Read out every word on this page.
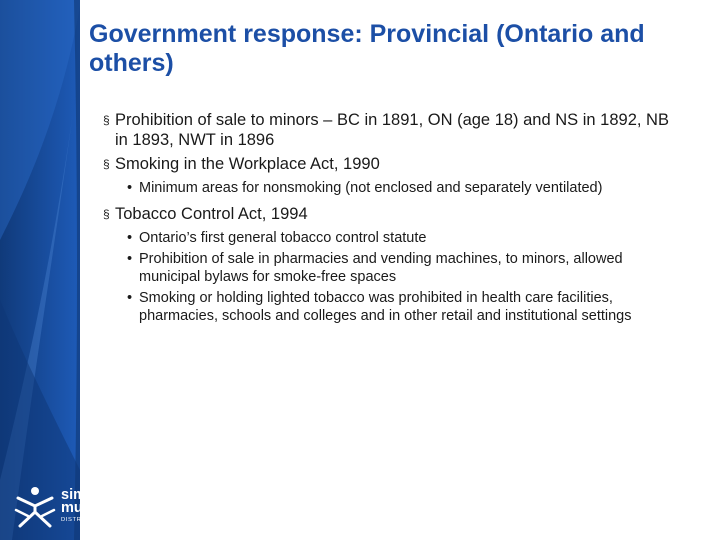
Government response: Provincial (Ontario and others)
§ Prohibition of sale to minors – BC in 1891, ON (age 18) and NS in 1892, NB in 1893, NWT in 1896
§ Smoking in the Workplace Act, 1990
• Minimum areas for nonsmoking (not enclosed and separately ventilated)
§ Tobacco Control Act, 1994
• Ontario’s first general tobacco control statute
• Prohibition of sale in pharmacies and vending machines, to minors, allowed municipal bylaws for smoke-free spaces
• Smoking or holding lighted tobacco was prohibited in health care facilities, pharmacies, schools and colleges and in other retail and institutional settings
simcoe
muskoka
DISTRICT HEALTH UNIT
